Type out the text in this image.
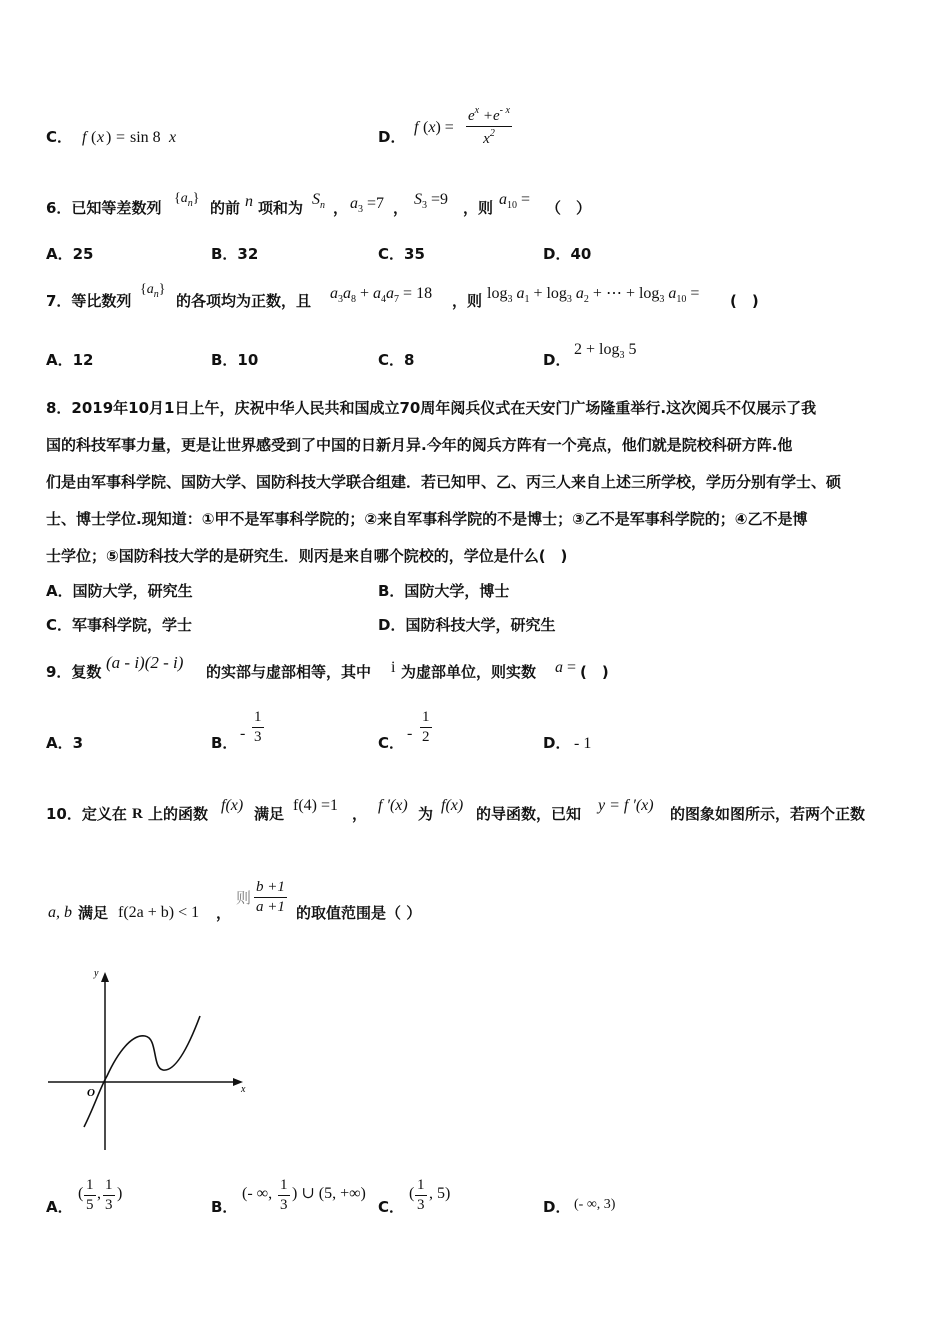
C． f ( x ) = sin 8 x	D．
f $(x) = \frac{e^x +e^{- x}}{x^2}$
6．已知等差数列
$\{a_n\}$
的前 n 项和为 $S_n$ ， $a_3 =7$ ， $S_3 =9$ ，则 $a_{10}$ = （　）
A．25	B．32	C．35	D．40
7．等比数列
$\{a_n\}$
的各项均为正数，且 $a_3a_8 + a_4a_7 = 18$ ，则 $\log_3 a_1 + \log_3 a_2$ + ⋯ + $\log_3 a_{10}$ = (　)
A．12	B．10	C．8	D．
$2 + \log_3 5$
8．2019年10月1日上午，庆祝中华人民共和国成立70周年阅兵仪式在天安门广场隆重举行.这次阅兵不仅展示了我
国的科技军事力量，更是让世界感受到了中国的日新月异.今年的阅兵方阵有一个亮点，他们就是院校科研方阵.他
们是由军事科学院、国防大学、国防科技大学联合组建．若已知甲、乙、丙三人来自上述三所学校，学历分别有学士、硕
士、博士学位.现知道：①甲不是军事科学院的；②来自军事科学院的不是博士；③乙不是军事科学院的；④乙不是博
士学位；⑤国防科技大学的是研究生．则丙是来自哪个院校的，学位是什么(　)
A．国防大学，研究生	B．国防大学，博士
C．军事科学院，学士	D．国防科技大学，研究生
9．复数 (a - i)(2 - i) 的实部与虚部相等，其中 i 为虚部单位，则实数 a = (　)
A．3	B．
- $\frac{1}{3}$	C．
- $\frac{1}{2}$	D． - 1
10．定义在 R 上的函数 f(x) 满足 f(4) =1 ， f ′(x) 为 f(x) 的导函数，已知 y = f ′(x) 的图象如图所示，若两个正数
a, b 满足 f(2a + b) < 1 ，
则 $\frac{b +1}{a +1}$ 的取值范围是（ ）
x
y
O
A．
( $\frac{1}{5}$ , $\frac{1}{3}$ )
B．
(- ∞, $\frac{1}{3}$ ) ∪ (5, +∞)
C．
( $\frac{1}{3}$ , 5)
D． (- ∞, 3)
